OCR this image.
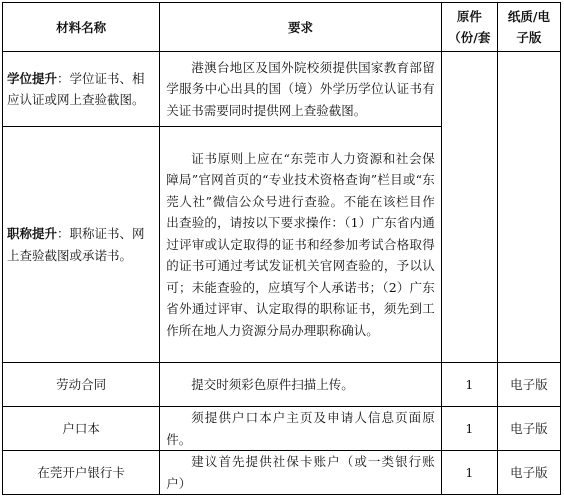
材料名称	要求	原件（份/套	纸质/电子版
学位提升：学位证书、相应认证或网上查验截图。	港澳台地区及国外院校须提供国家教育部留学服务中心出具的国（境）外学历学位认证书有关证书需要同时提供网上查验截图。		
职称提升：职称证书、网上查验截图或承诺书。	证书原则上应在“东莞市人力资源和社会保障局”官网首页的“专业技术资格查询”栏目或“东莞人社”微信公众号进行查验。不能在该栏目作出查验的，请按以下要求操作：（1）广东省内通过评审或认定取得的证书和经参加考试合格取得的证书可通过考试发证机关官网查验的，予以认可；未能查验的，应填写个人承诺书；（2）广东省外通过评审、认定取得的职称证书，须先到工作所在地人力资源分局办理职称确认。		
劳动合同	提交时须彩色原件扫描上传。	1	电子版
户口本	须提供户口本户主页及申请人信息页面原件。	1	电子版
在莞开户银行卡	建议首先提供社保卡账户（或一类银行账户）	1	电子版
